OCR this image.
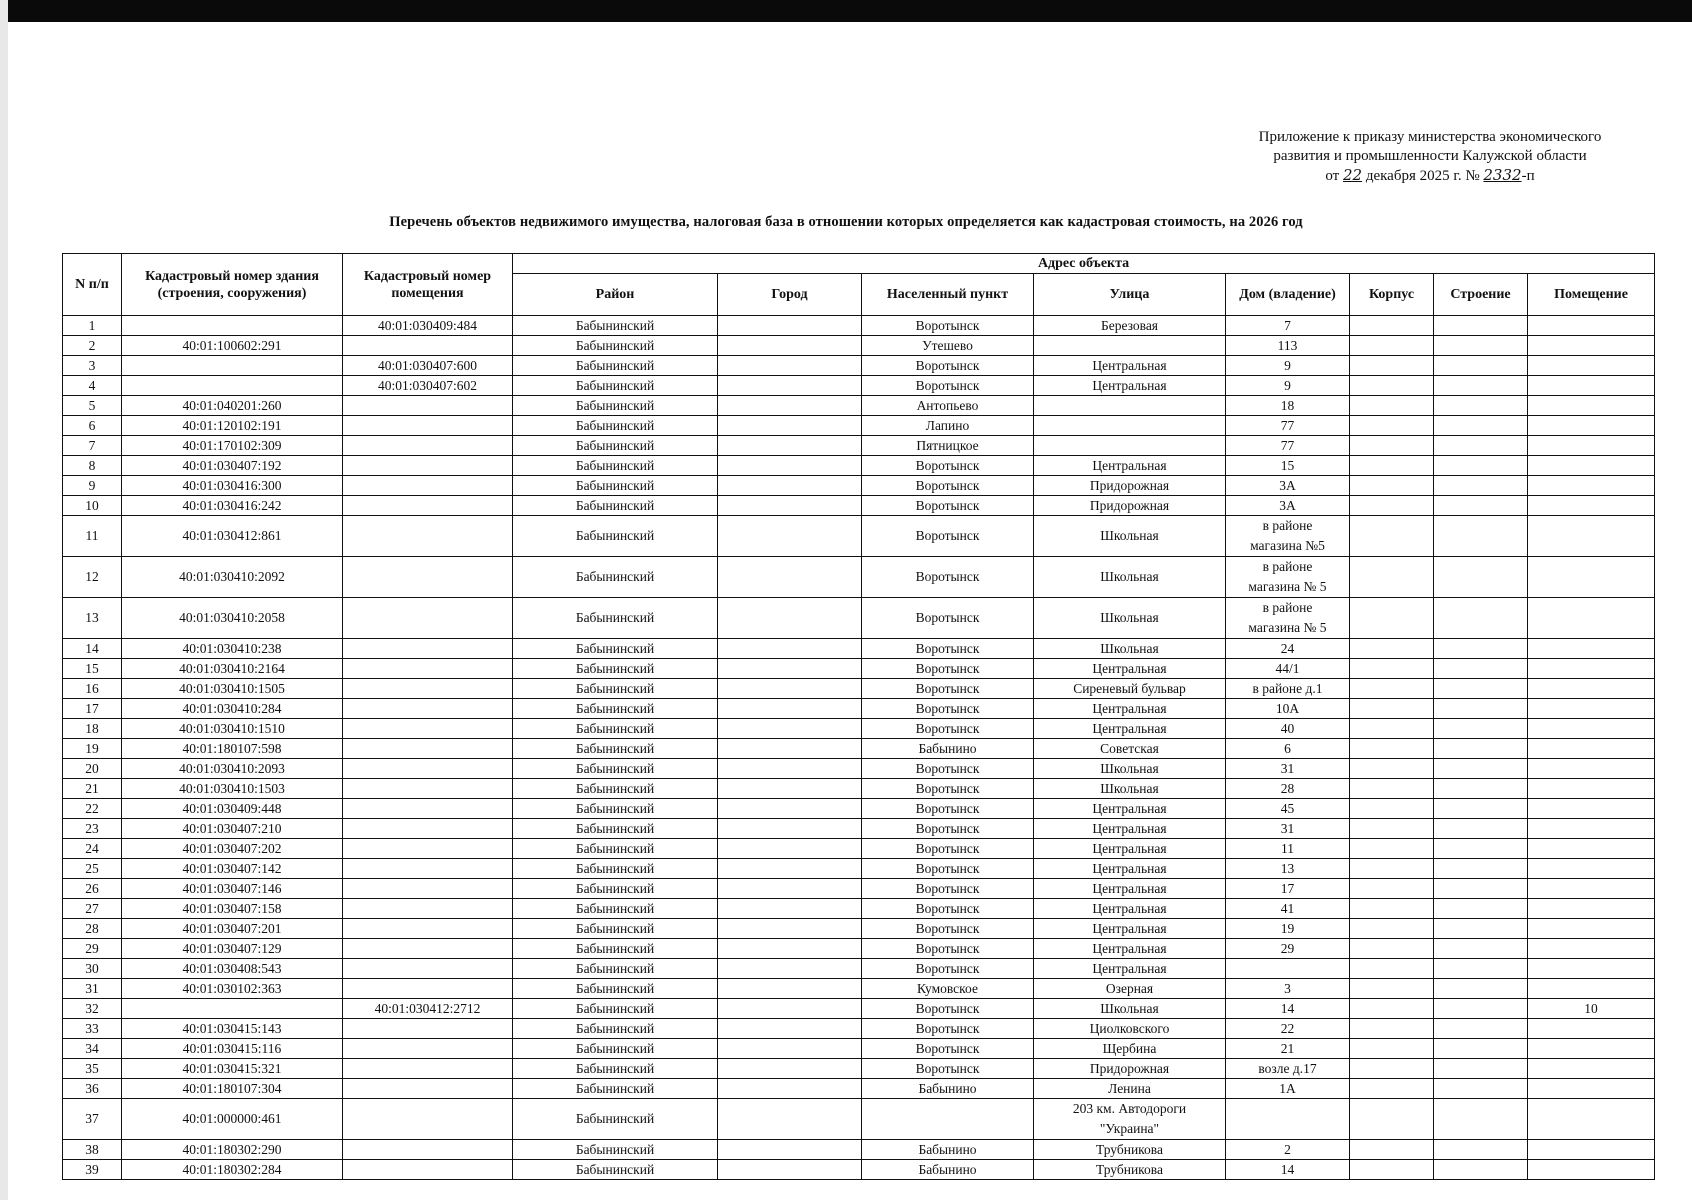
Приложение к приказу министерства экономического
развития и промышленности Калужской области
от 22 декабря 2025 г. № 2332-п
Перечень объектов недвижимого имущества, налоговая база в отношении которых определяется как кадастровая стоимость, на 2026 год
N п/п	Кадастровый номер здания (строения, сооружения)	Кадастровый номер помещения	Адрес объекта							
			Район	Город	Населенный пункт	Улица	Дом (владение)	Корпус	Строение	Помещение
1		40:01:030409:484	Бабынинский		Воротынск	Березовая	7			
2	40:01:100602:291		Бабынинский		Утешево		113			
3		40:01:030407:600	Бабынинский		Воротынск	Центральная	9			
4		40:01:030407:602	Бабынинский		Воротынск	Центральная	9			
5	40:01:040201:260		Бабынинский		Антопьево		18			
6	40:01:120102:191		Бабынинский		Лапино		77			
7	40:01:170102:309		Бабынинский		Пятницкое		77			
8	40:01:030407:192		Бабынинский		Воротынск	Центральная	15			
9	40:01:030416:300		Бабынинский		Воротынск	Придорожная	3А			
10	40:01:030416:242		Бабынинский		Воротынск	Придорожная	3А			
11	40:01:030412:861		Бабынинский		Воротынск	Школьная	в районе
магазина №5			

12	40:01:030410:2092		Бабынинский		Воротынск	Школьная	в районе
магазина № 5			

13	40:01:030410:2058		Бабынинский		Воротынск	Школьная	в районе
магазина № 5			

14	40:01:030410:238		Бабынинский		Воротынск	Школьная	24			
15	40:01:030410:2164		Бабынинский		Воротынск	Центральная	44/1			
16	40:01:030410:1505		Бабынинский		Воротынск	Сиреневый бульвар	в районе д.1			
17	40:01:030410:284		Бабынинский		Воротынск	Центральная	10А			
18	40:01:030410:1510		Бабынинский		Воротынск	Центральная	40			
19	40:01:180107:598		Бабынинский		Бабынино	Советская	6			
20	40:01:030410:2093		Бабынинский		Воротынск	Школьная	31			
21	40:01:030410:1503		Бабынинский		Воротынск	Школьная	28			
22	40:01:030409:448		Бабынинский		Воротынск	Центральная	45			
23	40:01:030407:210		Бабынинский		Воротынск	Центральная	31			
24	40:01:030407:202		Бабынинский		Воротынск	Центральная	11			
25	40:01:030407:142		Бабынинский		Воротынск	Центральная	13			
26	40:01:030407:146		Бабынинский		Воротынск	Центральная	17			
27	40:01:030407:158		Бабынинский		Воротынск	Центральная	41			
28	40:01:030407:201		Бабынинский		Воротынск	Центральная	19			
29	40:01:030407:129		Бабынинский		Воротынск	Центральная	29			
30	40:01:030408:543		Бабынинский		Воротынск	Центральная				
31	40:01:030102:363		Бабынинский		Кумовское	Озерная	3			
32		40:01:030412:2712	Бабынинский		Воротынск	Школьная	14			10
33	40:01:030415:143		Бабынинский		Воротынск	Циолковского	22			
34	40:01:030415:116		Бабынинский		Воротынск	Щербина	21			
35	40:01:030415:321		Бабынинский		Воротынск	Придорожная	возле д.17			
36	40:01:180107:304		Бабынинский		Бабынино	Ленина	1А			
37	40:01:000000:461		Бабынинский			203 км. Автодороги
"Украина"				

38	40:01:180302:290		Бабынинский		Бабынино	Трубникова	2			
39	40:01:180302:284		Бабынинский		Бабынино	Трубникова	14			
